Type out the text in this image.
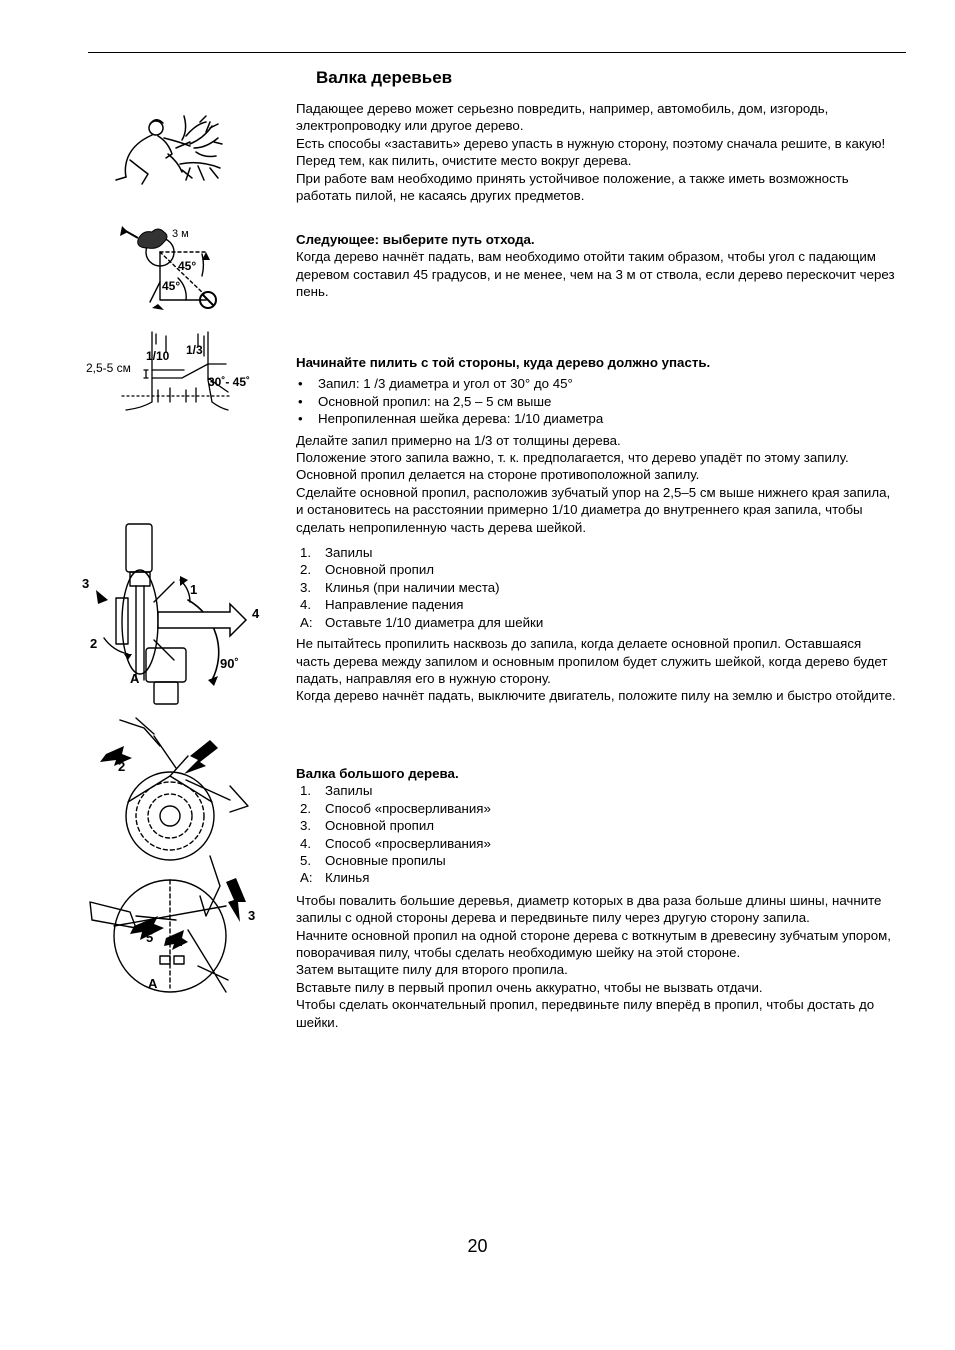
Валка деревьев

Падающее дерево может серьезно повредить, например, автомобиль, дом, изгородь, электропроводку или другое дерево.

Есть способы «заставить» дерево упасть в нужную сторону, поэтому сначала решите, в какую!

Перед тем, как пилить, очистите место вокруг дерева.

При работе вам необходимо принять устойчивое положение, а также иметь возможность работать пилой, не касаясь других предметов.

Следующее: выберите путь отхода.

Когда дерево начнёт падать, вам необходимо отойти таким образом, чтобы угол с падающим деревом составил 45 градусов, и не менее, чем на 3 м от ствола, если дерево перескочит через пень.

Начинайте пилить с той стороны, куда дерево должно упасть.

• Запил: 1 /3 диаметра и угол от 30° до 45°
• Основной пропил: на 2,5 – 5 см выше
• Непропиленная шейка дерева: 1/10 диаметра

Делайте запил примерно на 1/3 от толщины дерева.

Положение этого запила важно, т. к. предполагается, что дерево упадёт по этому запилу.

Основной пропил делается на стороне противоположной запилу.

Сделайте основной пропил, расположив зубчатый упор на 2,5–5 см выше нижнего края запила, и остановитесь на расстоянии примерно 1/10 диаметра до внутреннего края запила, чтобы сделать непропиленную часть дерева шейкой.

1.	Запилы
2.	Основной пропил
3.	Клинья (при наличии места)
4.	Направление падения
A: Оставьте 1/10 диаметра для шейки

Не пытайтесь пропилить насквозь до запила, когда делаете основной пропил. Оставшаяся часть дерева между запилом и основным пропилом будет служить шейкой, когда дерево будет падать, направляя его в нужную сторону.

Когда дерево начнёт падать, выключите двигатель, положите пилу на землю и быстро отойдите.

Валка большого дерева.

1.	Запилы
2.	Способ «просверливания»
3.	Основной пропил
4.	Способ «просверливания»
5.	Основные пропилы
A: Клинья

Чтобы повалить большие деревья, диаметр которых в два раза больше длины шины, начните запилы с одной стороны дерева и передвиньте пилу через другую сторону запила.

Начните основной пропил на одной стороне дерева с воткнутым в древесину зубчатым упором, поворачивая пилу, чтобы сделать необходимую шейку на этой стороне.

Затем вытащите пилу для второго пропила.

Вставьте пилу в первый пропил очень аккуратно, чтобы не вызвать отдачи.

Чтобы сделать окончательный пропил, передвиньте пилу вперёд в пропил, чтобы достать до шейки.

3 м
45°
45°
2,5-5 см
1/10 1/3
30˚- 45˚
1
2
3
4
A
90˚
1
2
3
4
5
A
20
